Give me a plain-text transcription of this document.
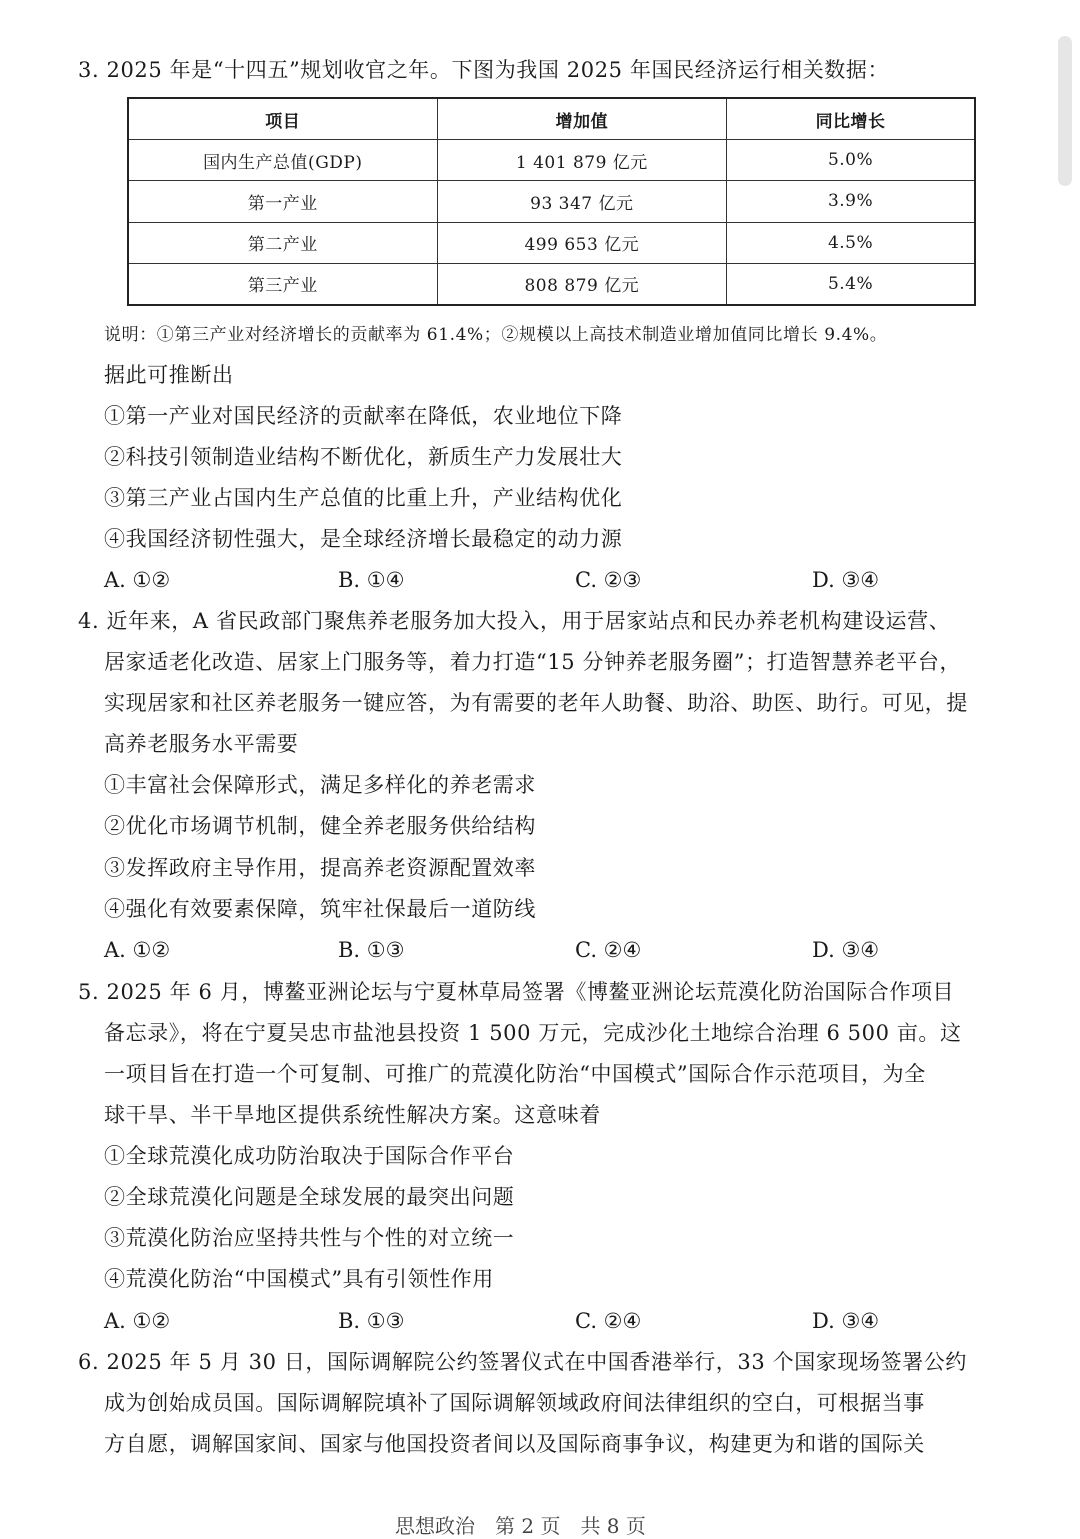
3. 2025 年是“十四五”规划收官之年。下图为我国 2025 年国民经济运行相关数据：
项目	增加值	同比增长
国内生产总值(GDP)	1 401 879 亿元	5.0%
第一产业	93 347 亿元	3.9%
第二产业	499 653 亿元	4.5%
第三产业	808 879 亿元	5.4%
说明：①第三产业对经济增长的贡献率为 61.4%；②规模以上高技术制造业增加值同比增长 9.4%。
据此可推断出
①第一产业对国民经济的贡献率在降低，农业地位下降
②科技引领制造业结构不断优化，新质生产力发展壮大
③第三产业占国内生产总值的比重上升，产业结构优化
④我国经济韧性强大，是全球经济增长最稳定的动力源
A. ①②	B. ①④	C. ②③	D. ③④
4. 近年来，A 省民政部门聚焦养老服务加大投入，用于居家站点和民办养老机构建设运营、
居家适老化改造、居家上门服务等，着力打造“15 分钟养老服务圈”；打造智慧养老平台，
实现居家和社区养老服务一键应答，为有需要的老年人助餐、助浴、助医、助行。可见，提
高养老服务水平需要
①丰富社会保障形式，满足多样化的养老需求
②优化市场调节机制，健全养老服务供给结构
③发挥政府主导作用，提高养老资源配置效率
④强化有效要素保障，筑牢社保最后一道防线
A. ①②	B. ①③	C. ②④	D. ③④
5. 2025 年 6 月，博鳌亚洲论坛与宁夏林草局签署《博鳌亚洲论坛荒漠化防治国际合作项目
备忘录》，将在宁夏吴忠市盐池县投资 1 500 万元，完成沙化土地综合治理 6 500 亩。这
一项目旨在打造一个可复制、可推广的荒漠化防治“中国模式”国际合作示范项目，为全
球干旱、半干旱地区提供系统性解决方案。这意味着
①全球荒漠化成功防治取决于国际合作平台
②全球荒漠化问题是全球发展的最突出问题
③荒漠化防治应坚持共性与个性的对立统一
④荒漠化防治“中国模式”具有引领性作用
A. ①②	B. ①③	C. ②④	D. ③④
6. 2025 年 5 月 30 日，国际调解院公约签署仪式在中国香港举行，33 个国家现场签署公约
成为创始成员国。国际调解院填补了国际调解领域政府间法律组织的空白，可根据当事
方自愿，调解国家间、国家与他国投资者间以及国际商事争议，构建更为和谐的国际关
思想政治　第 2 页　共 8 页
